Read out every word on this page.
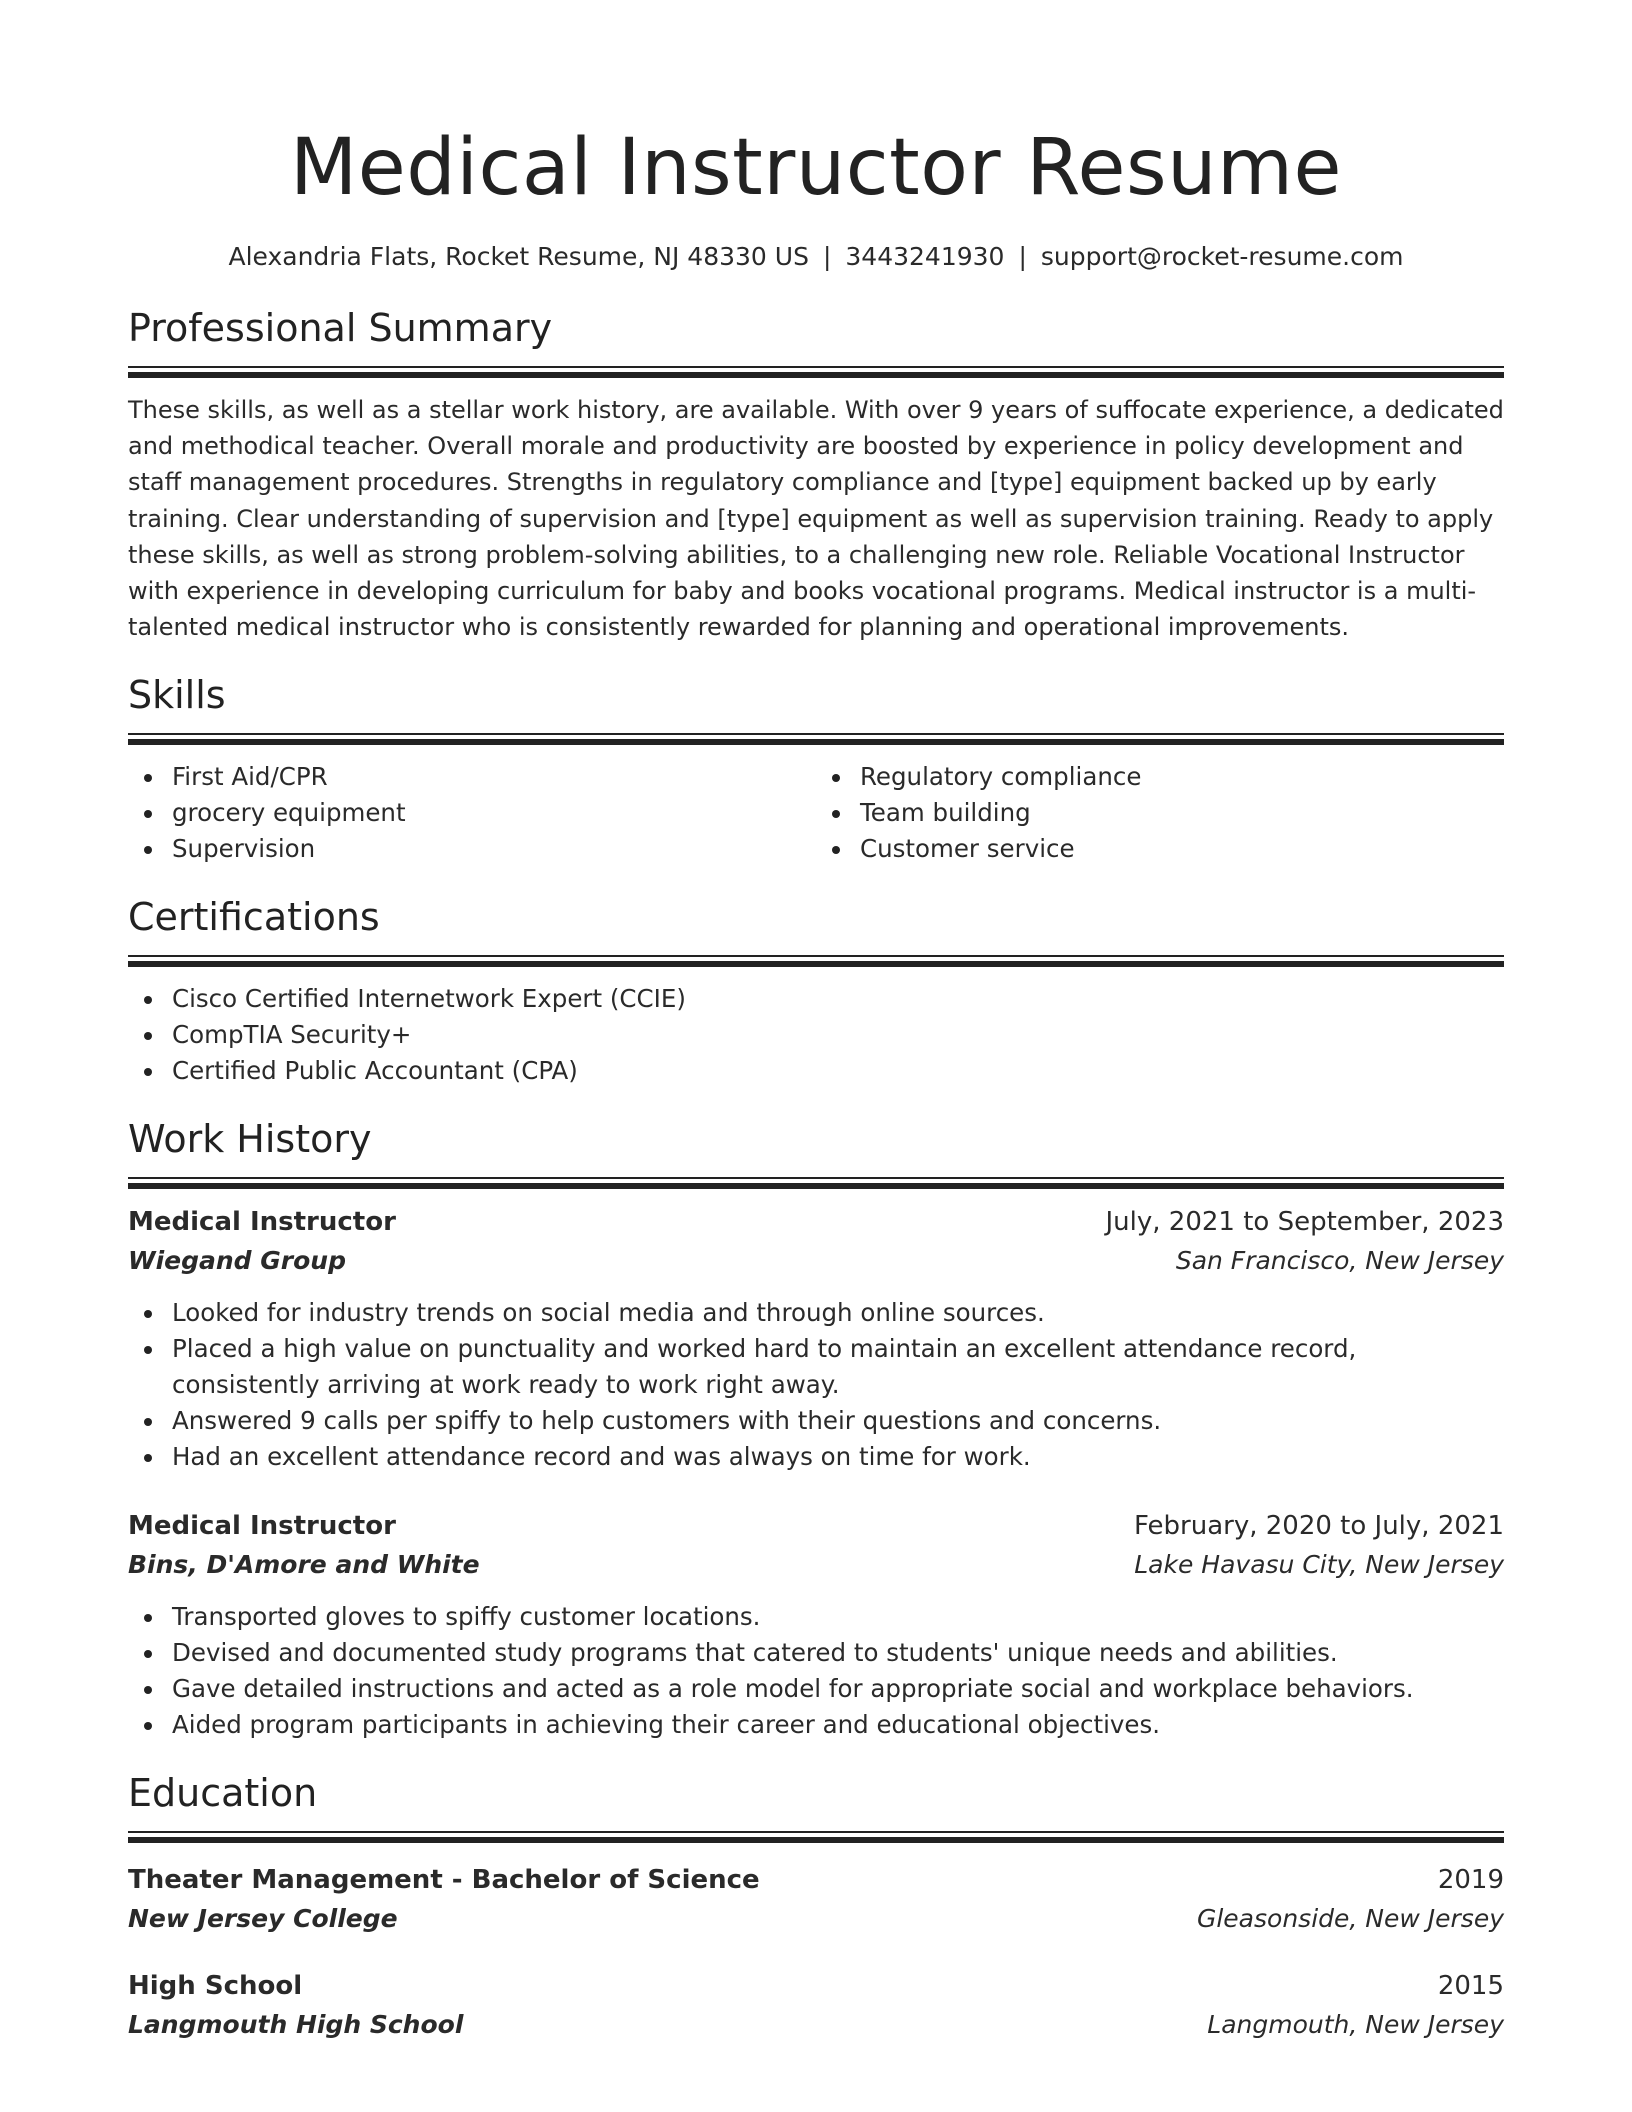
Medical Instructor Resume
Alexandria Flats, Rocket Resume, NJ 48330 US | 3443241930 | support@rocket-resume.com
Professional Summary

These skills, as well as a stellar work history, are available. With over 9 years of suffocate experience, a dedicated and methodical teacher. Overall morale and productivity are boosted by experience in policy development and staff management procedures. Strengths in regulatory compliance and [type] equipment backed up by early training. Clear understanding of supervision and [type] equipment as well as supervision training. Ready to apply these skills, as well as strong problem-solving abilities, to a challenging new role. Reliable Vocational Instructor with experience in developing curriculum for baby and books vocational programs. Medical instructor is a multi-talented medical instructor who is consistently rewarded for planning and operational improvements.

Skills
First Aid/CPR
grocery equipment
Supervision
Regulatory compliance
Team building
Customer service
Certifications
Cisco Certified Internetwork Expert (CCIE)
CompTIA Security+
Certified Public Accountant (CPA)
Work History
Medical Instructor	July, 2021 to September, 2023
Wiegand Group	San Francisco, New Jersey
Looked for industry trends on social media and through online sources.
Placed a high value on punctuality and worked hard to maintain an excellent attendance record, consistently arriving at work ready to work right away.
Answered 9 calls per spiffy to help customers with their questions and concerns.
Had an excellent attendance record and was always on time for work.
Medical Instructor	February, 2020 to July, 2021
Bins, D'Amore and White	Lake Havasu City, New Jersey
Transported gloves to spiffy customer locations.
Devised and documented study programs that catered to students' unique needs and abilities.
Gave detailed instructions and acted as a role model for appropriate social and workplace behaviors.
Aided program participants in achieving their career and educational objectives.
Education
Theater Management - Bachelor of Science	2019
New Jersey College	Gleasonside, New Jersey
High School	2015
Langmouth High School	Langmouth, New Jersey
